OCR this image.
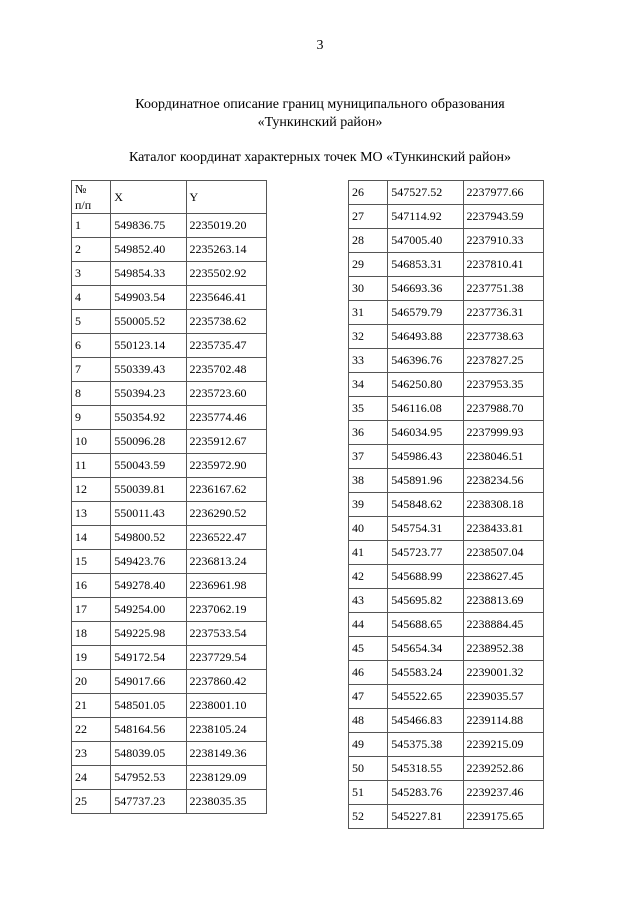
3
Координатное описание границ муниципального образования
«Тункинский район»
Каталог координат характерных точек МО «Тункинский район»
№
п/п	X	Y
1	549836.75	2235019.20
2	549852.40	2235263.14
3	549854.33	2235502.92
4	549903.54	2235646.41
5	550005.52	2235738.62
6	550123.14	2235735.47
7	550339.43	2235702.48
8	550394.23	2235723.60
9	550354.92	2235774.46
10	550096.28	2235912.67
11	550043.59	2235972.90
12	550039.81	2236167.62
13	550011.43	2236290.52
14	549800.52	2236522.47
15	549423.76	2236813.24
16	549278.40	2236961.98
17	549254.00	2237062.19
18	549225.98	2237533.54
19	549172.54	2237729.54
20	549017.66	2237860.42
21	548501.05	2238001.10
22	548164.56	2238105.24
23	548039.05	2238149.36
24	547952.53	2238129.09
25	547737.23	2238035.35
26	547527.52	2237977.66
27	547114.92	2237943.59
28	547005.40	2237910.33
29	546853.31	2237810.41
30	546693.36	2237751.38
31	546579.79	2237736.31
32	546493.88	2237738.63
33	546396.76	2237827.25
34	546250.80	2237953.35
35	546116.08	2237988.70
36	546034.95	2237999.93
37	545986.43	2238046.51
38	545891.96	2238234.56
39	545848.62	2238308.18
40	545754.31	2238433.81
41	545723.77	2238507.04
42	545688.99	2238627.45
43	545695.82	2238813.69
44	545688.65	2238884.45
45	545654.34	2238952.38
46	545583.24	2239001.32
47	545522.65	2239035.57
48	545466.83	2239114.88
49	545375.38	2239215.09
50	545318.55	2239252.86
51	545283.76	2239237.46
52	545227.81	2239175.65
